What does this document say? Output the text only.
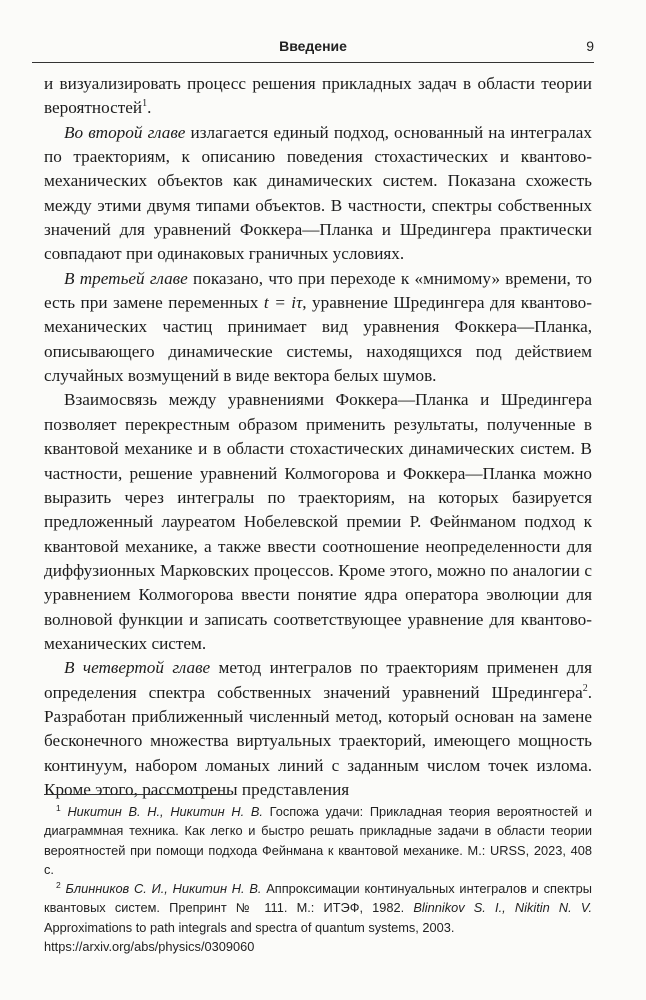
Введение	9

и визуализировать процесс решения прикладных задач в области теории вероятностей$^1$.

Во второй главе излагается единый подход, основанный на интегралах по траекториям, к описанию поведения стохастических и квантово-механических объектов как динамических систем. Показана схожесть между этими двумя типами объектов. В частности, спектры собственных значений для уравнений Фоккера—Планка и Шредингера практически совпадают при одинаковых граничных условиях.

В третьей главе показано, что при переходе к «мнимому» времени, то есть при замене переменных t = iτ, уравнение Шредингера для квантово-механических частиц принимает вид уравнения Фоккера—Планка, описывающего динамические системы, находящихся под действием случайных возмущений в виде вектора белых шумов.

Взаимосвязь между уравнениями Фоккера—Планка и Шредингера позволяет перекрестным образом применить результаты, полученные в квантовой механике и в области стохастических динамических систем. В частности, решение уравнений Колмогорова и Фоккера—Планка можно выразить через интегралы по траекториям, на которых базируется предложенный лауреатом Нобелевской премии Р. Фейнманом подход к квантовой механике, а также ввести соотношение неопределенности для диффузионных Марковских процессов. Кроме этого, можно по аналогии с уравнением Колмогорова ввести понятие ядра оператора эволюции для волновой функции и записать соответствующее уравнение для квантово-механических систем.

В четвертой главе метод интегралов по траекториям применен для определения спектра собственных значений уравнений Шредингера$^2$. Разработан приближенный численный метод, который основан на замене бесконечного множества виртуальных траекторий, имеющего мощность континуум, набором ломаных линий с заданным числом точек излома. Кроме этого, рассмотрены представления

$^1$ Никитин В. Н., Никитин Н. В. Госпожа удачи: Прикладная теория вероятностей и диаграммная техника. Как легко и быстро решать прикладные задачи в области теории вероятностей при помощи подхода Фейнмана к квантовой механике. М.: URSS, 2023, 408 с.

$^2$ Блинников С. И., Никитин Н. В. Аппроксимации континуальных интегралов и спектры квантовых систем. Препринт № 111. М.: ИТЭФ, 1982. Blinnikov S. I., Nikitin N. V. Approximations to path integrals and spectra of quantum systems, 2003.
https://arxiv.org/abs/physics/0309060
